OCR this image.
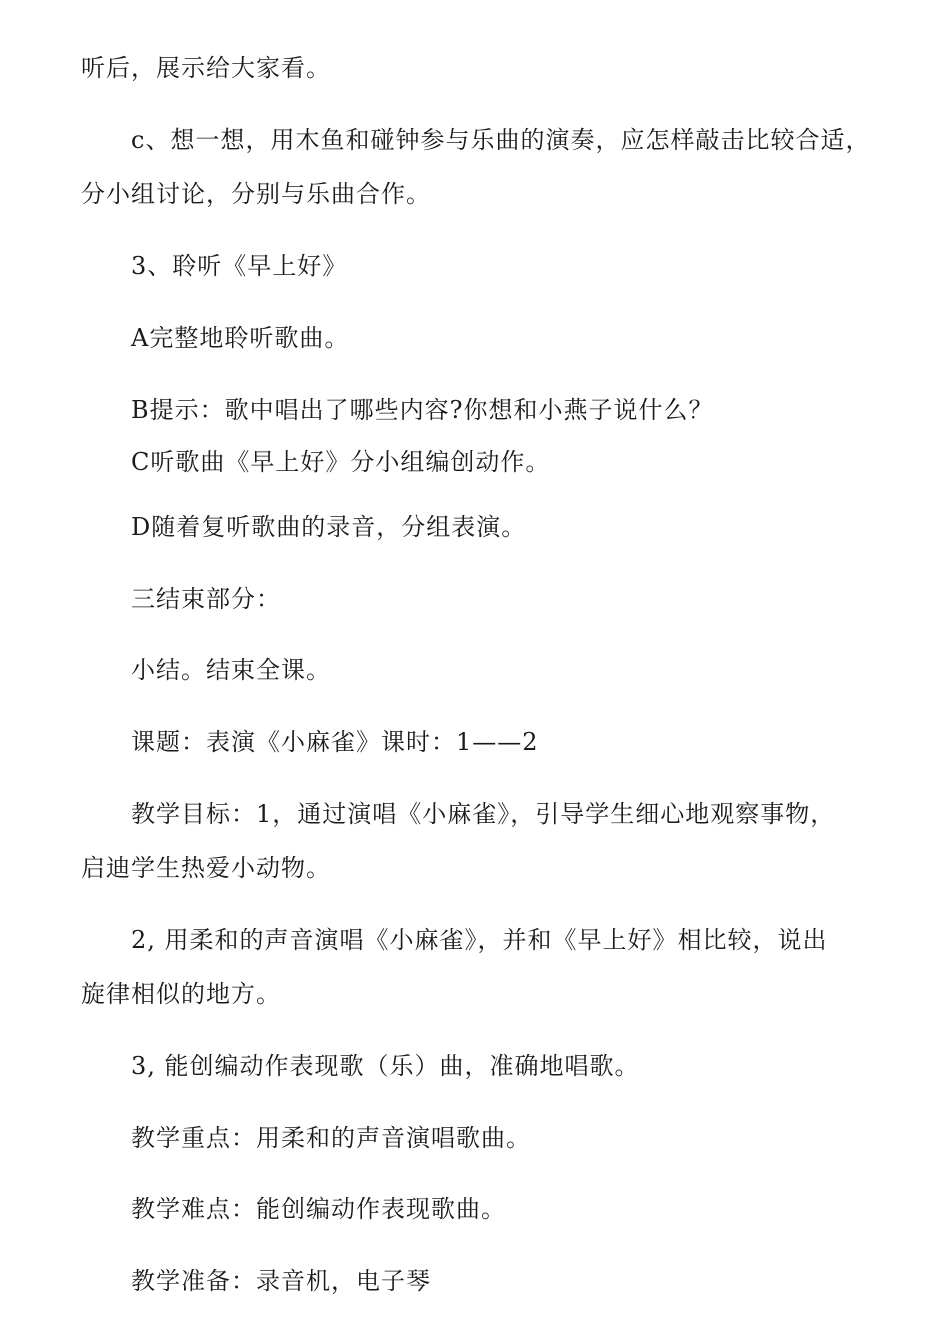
听后，展示给大家看。
c、想一想，用木鱼和碰钟参与乐曲的演奏，应怎样敲击比较合适，
分小组讨论，分别与乐曲合作。
3、聆听《早上好》
A完整地聆听歌曲。
B提示：歌中唱出了哪些内容?你想和小燕子说什么？
C听歌曲《早上好》分小组编创动作。
D随着复听歌曲的录音，分组表演。
三结束部分：
小结。结束全课。
课题：表演《小麻雀》课时：1——2
教学目标：1，通过演唱《小麻雀》，引导学生细心地观察事物，
启迪学生热爱小动物。
2, 用柔和的声音演唱《小麻雀》，并和《早上好》相比较，说出
旋律相似的地方。
3, 能创编动作表现歌（乐）曲，准确地唱歌。
教学重点：用柔和的声音演唱歌曲。
教学难点：能创编动作表现歌曲。
教学准备：录音机，电子琴
